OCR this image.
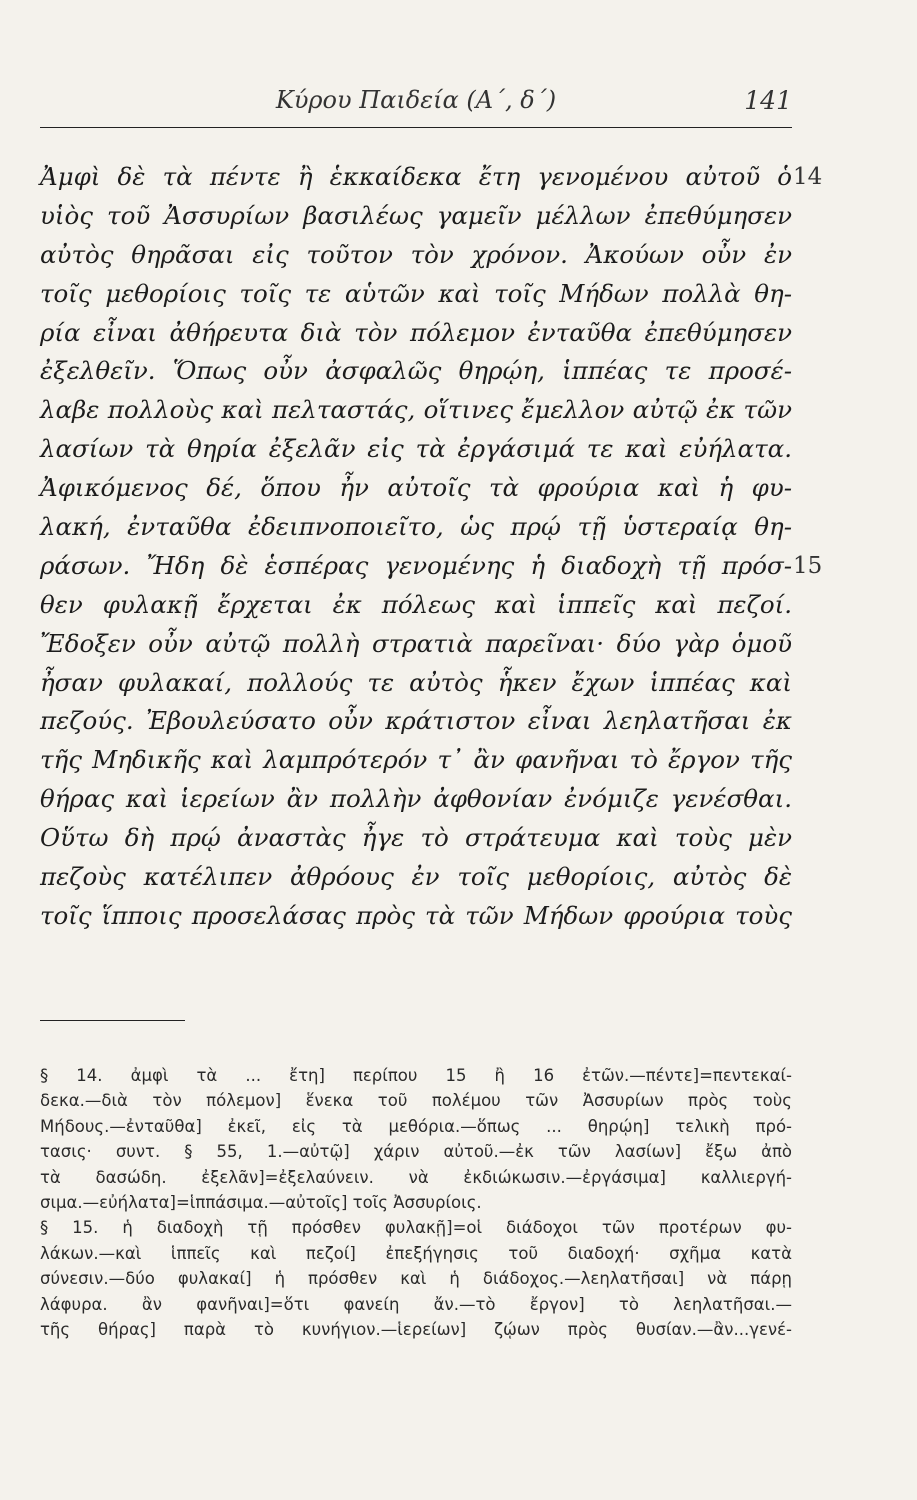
Κύρου Παιδεία (Α΄, δ΄)	141
Ἀμφὶ δὲ τὰ πέντε ἢ ἑκκαίδεκα ἔτη γενομένου αὐτοῦ ὁ 14
υἱὸς τοῦ Ἀσσυρίων βασιλέως γαμεῖν μέλλων ἐπεθύμησεν
αὐτὸς θηρᾶσαι εἰς τοῦτον τὸν χρόνον. Ἀκούων οὖν ἐν
τοῖς μεθορίοις τοῖς τε αὑτῶν καὶ τοῖς Μήδων πολλὰ θη-
ρία εἶναι ἀθήρευτα διὰ τὸν πόλεμον ἐνταῦθα ἐπεθύμησεν
ἐξελθεῖν. Ὅπως οὖν ἀσφαλῶς θηρῴη, ἱππέας τε προσέ-
λαβε πολλοὺς καὶ πελταστάς, οἵτινες ἔμελλον αὐτῷ ἐκ τῶν
λασίων τὰ θηρία ἐξελᾶν εἰς τὰ ἐργάσιμά τε καὶ εὐήλατα.
Ἀφικόμενος δέ, ὅπου ἦν αὐτοῖς τὰ φρούρια καὶ ἡ φυ-
λακή, ἐνταῦθα ἐδειπνοποιεῖτο, ὡς πρῴ τῇ ὑστεραίᾳ θη-
ράσων. Ἤδη δὲ ἑσπέρας γενομένης ἡ διαδοχὴ τῇ πρόσ- 15
θεν φυλακῇ ἔρχεται ἐκ πόλεως καὶ ἱππεῖς καὶ πεζοί.
Ἔδοξεν οὖν αὐτῷ πολλὴ στρατιὰ παρεῖναι· δύο γὰρ ὁμοῦ
ἦσαν φυλακαί, πολλούς τε αὐτὸς ἧκεν ἔχων ἱππέας καὶ
πεζούς. Ἐβουλεύσατο οὖν κράτιστον εἶναι λεηλατῆσαι ἐκ
τῆς Μηδικῆς καὶ λαμπρότερόν τ᾽ ἂν φανῆναι τὸ ἔργον τῆς
θήρας καὶ ἱερείων ἂν πολλὴν ἀφθονίαν ἐνόμιζε γενέσθαι.
Οὕτω δὴ πρῴ ἀναστὰς ἦγε τὸ στράτευμα καὶ τοὺς μὲν
πεζοὺς κατέλιπεν ἀθρόους ἐν τοῖς μεθορίοις, αὐτὸς δὲ
τοῖς ἵπποις προσελάσας πρὸς τὰ τῶν Μήδων φρούρια τοὺς
§ 14. ἀμφὶ τὰ ... ἔτη] περίπου 15 ἢ 16 ἐτῶν.—πέντε]=πεντεκαί-
δεκα.—διὰ τὸν πόλεμον] ἕνεκα τοῦ πολέμου τῶν Ἀσσυρίων πρὸς τοὺς
Μήδους.—ἐνταῦθα] ἐκεῖ, εἰς τὰ μεθόρια.—ὅπως ... θηρῴη] τελικὴ πρό-
τασις· συντ. § 55, 1.—αὐτῷ] χάριν αὐτοῦ.—ἐκ τῶν λασίων] ἔξω ἀπὸ
τὰ δασώδη. ἐξελᾶν]=ἐξελαύνειν. νὰ ἐκδιώκωσιν.—ἐργάσιμα] καλλιεργή-
σιμα.—εὐήλατα]=ἱππάσιμα.—αὐτοῖς] τοῖς Ἀσσυρίοις.
§ 15. ἡ διαδοχὴ τῇ πρόσθεν φυλακῇ]=οἱ διάδοχοι τῶν προτέρων φυ-
λάκων.—καὶ ἱππεῖς καὶ πεζοί] ἐπεξήγησις τοῦ διαδοχή· σχῆμα κατὰ
σύνεσιν.—δύο φυλακαί] ἡ πρόσθεν καὶ ἡ διάδοχος.—λεηλατῆσαι] νὰ πάρῃ
λάφυρα. ἂν φανῆναι]=ὅτι φανείη ἄν.—τὸ ἔργον] τὸ λεηλατῆσαι.—
τῆς θήρας] παρὰ τὸ κυνήγιον.—ἱερείων] ζῴων πρὸς θυσίαν.—ἂν...γενέ-
